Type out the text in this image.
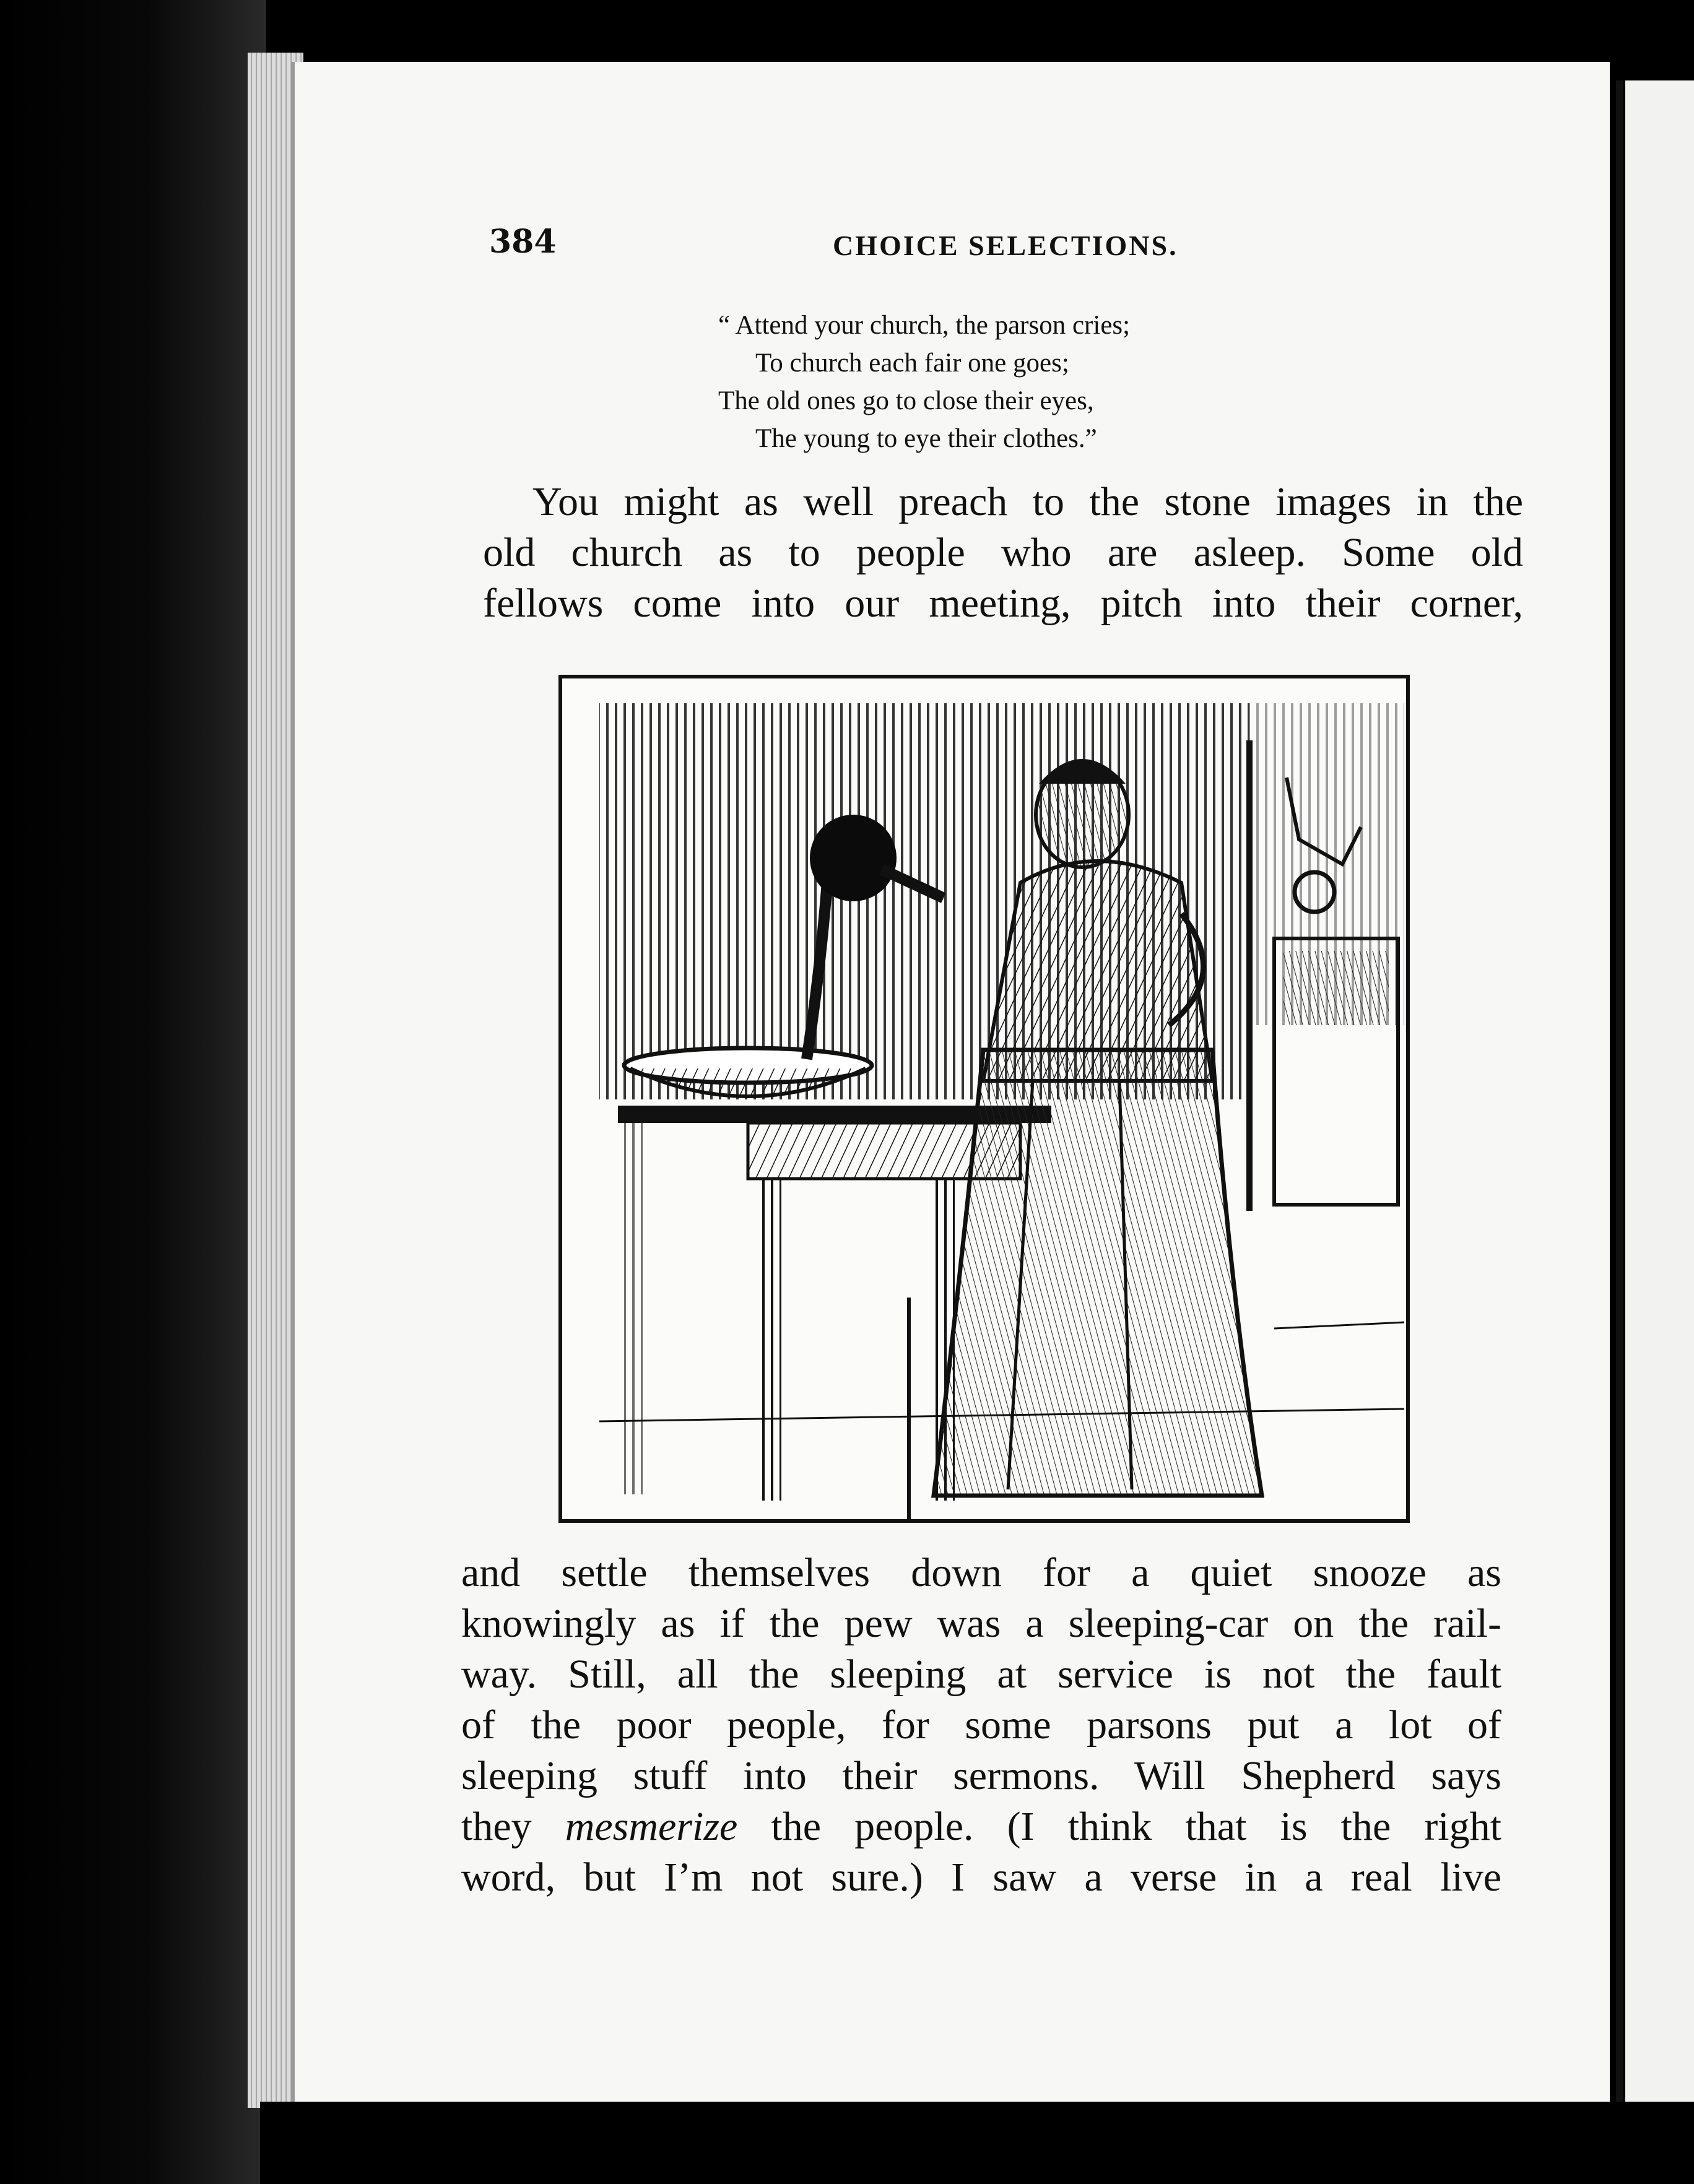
384	CHOICE SELECTIONS.
“ Attend your church, the parson cries;
To church each fair one goes;
The old ones go to close their eyes,
The young to eye their clothes.”
You might as well preach to the stone images in the
old church as to people who are asleep. Some old
fellows come into our meeting, pitch into their corner,
and settle themselves down for a quiet snooze as
knowingly as if the pew was a sleeping-car on the rail-
way. Still, all the sleeping at service is not the fault
of the poor people, for some parsons put a lot of
sleeping stuff into their sermons. Will Shepherd says
they mesmerize the people. (I think that is the right
word, but I’m not sure.) I saw a verse in a real live
